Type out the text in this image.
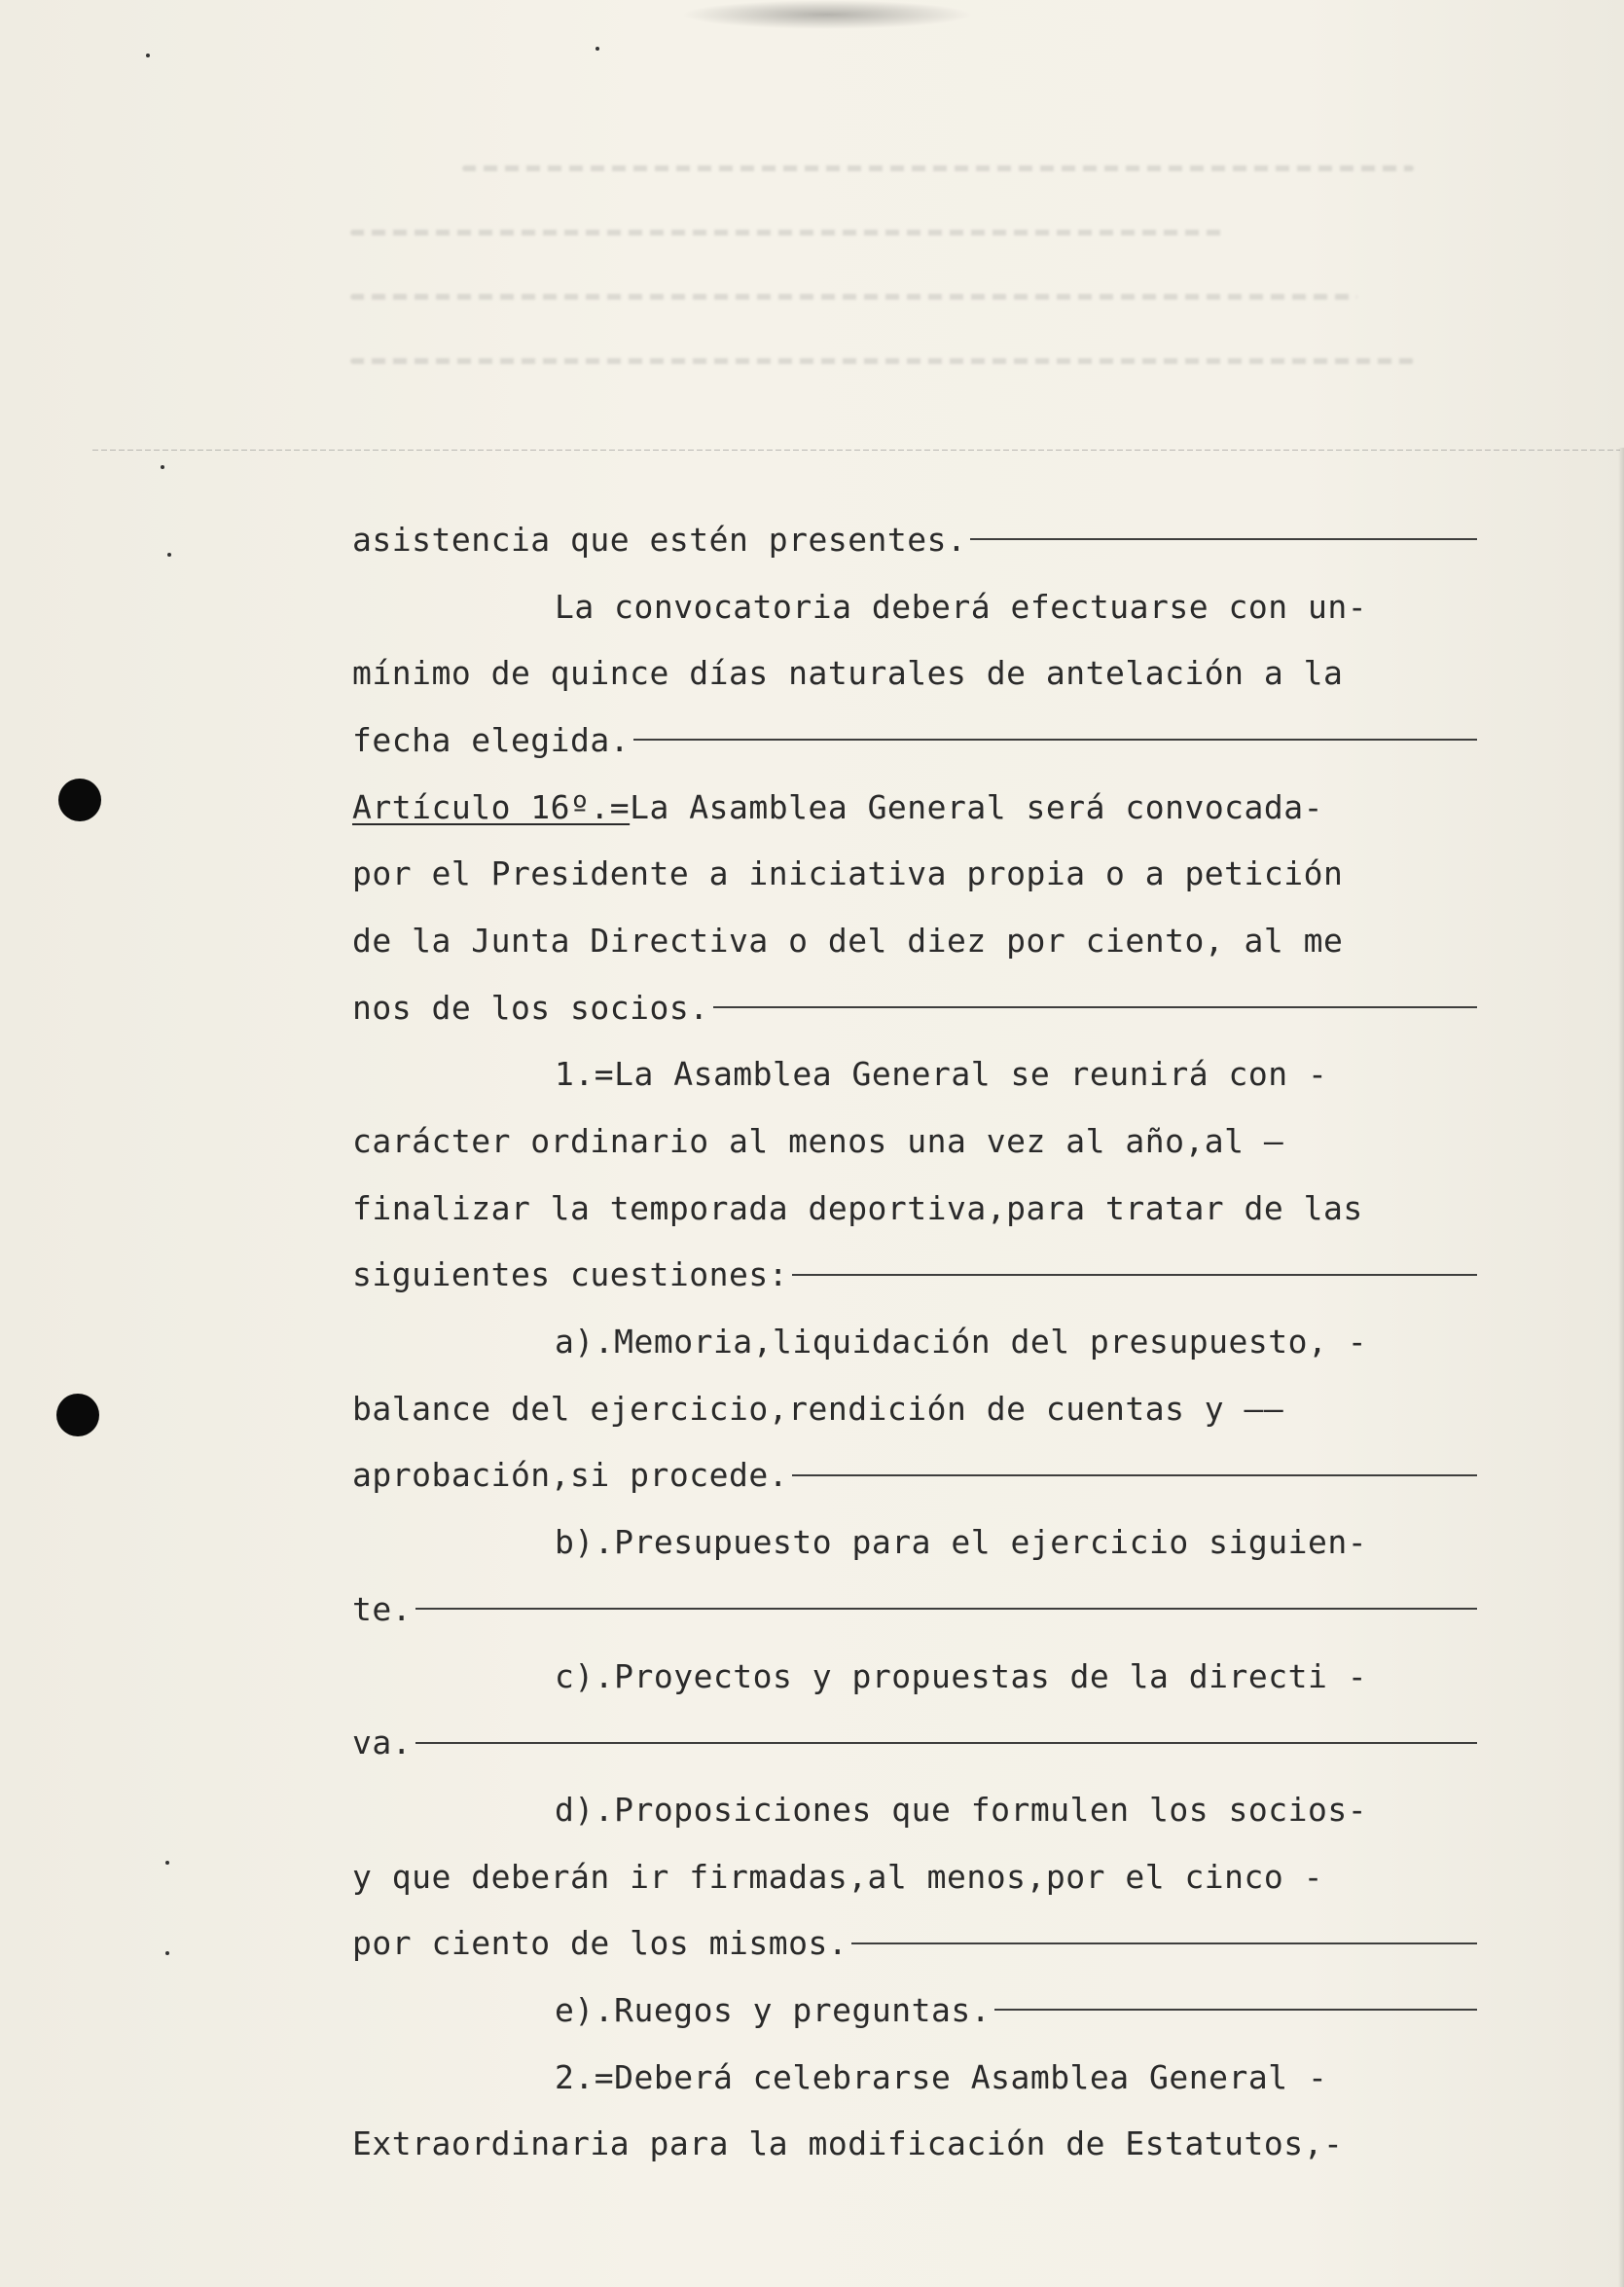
asistencia que estén presentes.
La convocatoria deberá efectuarse con un-
mínimo de quince días naturales de antelación a la
fecha elegida.
Artículo 16º.= La Asamblea General será convocada-
por el Presidente a iniciativa propia o a petición
de la Junta Directiva o del diez por ciento, al me
nos de los socios.
1.=La Asamblea General se reunirá con -
carácter ordinario al menos una vez al año,al —
finalizar la temporada deportiva,para tratar de las
siguientes cuestiones:
a).Memoria,liquidación del presupuesto, -
balance del ejercicio,rendición de cuentas y ——
aprobación,si procede.
b).Presupuesto para el ejercicio siguien-
te.
c).Proyectos y propuestas de la directi -
va.
d).Proposiciones que formulen los socios-
y que deberán ir firmadas,al menos,por el cinco -
por ciento de los mismos.
e).Ruegos y preguntas.
2.=Deberá celebrarse Asamblea General -
Extraordinaria para la modificación de Estatutos,-
